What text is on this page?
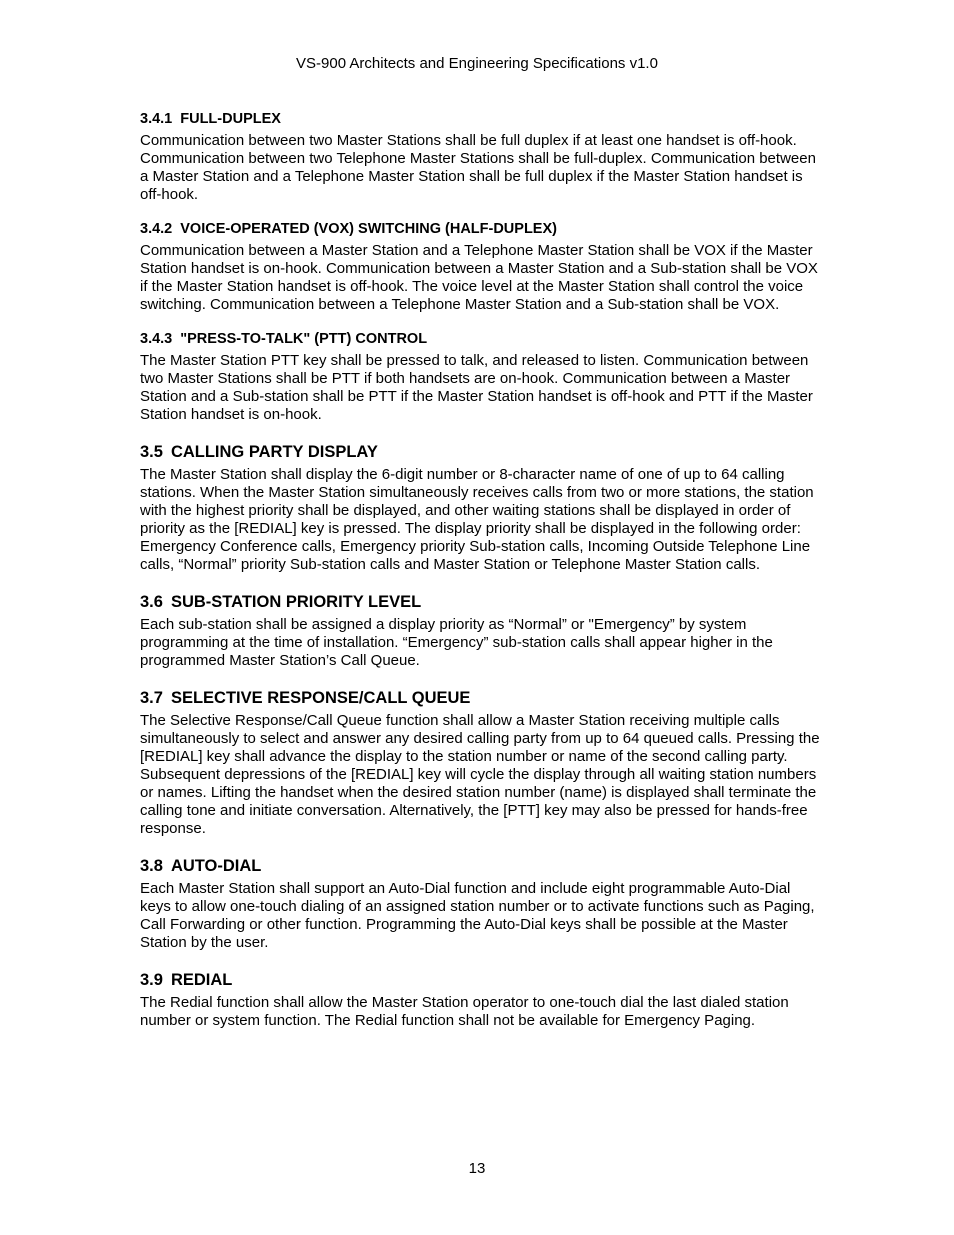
VS-900 Architects and Engineering Specifications v1.0
3.4.1 FULL-DUPLEX

Communication between two Master Stations shall be full duplex if at least one handset is off-hook. Communication between two Telephone Master Stations shall be full-duplex. Communication between a Master Station and a Telephone Master Station shall be full duplex if the Master Station handset is off-hook.

3.4.2 VOICE-OPERATED (VOX) SWITCHING (HALF-DUPLEX)

Communication between a Master Station and a Telephone Master Station shall be VOX if the Master Station handset is on-hook. Communication between a Master Station and a Sub-station shall be VOX if the Master Station handset is off-hook. The voice level at the Master Station shall control the voice switching. Communication between a Telephone Master Station and a Sub-station shall be VOX.

3.4.3 "PRESS-TO-TALK" (PTT) CONTROL

The Master Station PTT key shall be pressed to talk, and released to listen. Communication between two Master Stations shall be PTT if both handsets are on-hook. Communication between a Master Station and a Sub-station shall be PTT if the Master Station handset is off-hook and PTT if the Master Station handset is on-hook.

3.5 CALLING PARTY DISPLAY

The Master Station shall display the 6-digit number or 8-character name of one of up to 64 calling stations. When the Master Station simultaneously receives calls from two or more stations, the station with the highest priority shall be displayed, and other waiting stations shall be displayed in order of priority as the [REDIAL] key is pressed. The display priority shall be displayed in the following order: Emergency Conference calls, Emergency priority Sub-station calls, Incoming Outside Telephone Line calls, “Normal” priority Sub-station calls and Master Station or Telephone Master Station calls.

3.6 SUB-STATION PRIORITY LEVEL

Each sub-station shall be assigned a display priority as “Normal” or "Emergency” by system programming at the time of installation. “Emergency” sub-station calls shall appear higher in the programmed Master Station’s Call Queue.

3.7 SELECTIVE RESPONSE/CALL QUEUE

The Selective Response/Call Queue function shall allow a Master Station receiving multiple calls simultaneously to select and answer any desired calling party from up to 64 queued calls. Pressing the [REDIAL] key shall advance the display to the station number or name of the second calling party. Subsequent depressions of the [REDIAL] key will cycle the display through all waiting station numbers or names. Lifting the handset when the desired station number (name) is displayed shall terminate the calling tone and initiate conversation. Alternatively, the [PTT] key may also be pressed for hands-free response.

3.8 AUTO-DIAL

Each Master Station shall support an Auto-Dial function and include eight programmable Auto-Dial keys to allow one-touch dialing of an assigned station number or to activate functions such as Paging, Call Forwarding or other function. Programming the Auto-Dial keys shall be possible at the Master Station by the user.

3.9 REDIAL

The Redial function shall allow the Master Station operator to one-touch dial the last dialed station number or system function. The Redial function shall not be available for Emergency Paging.

13
